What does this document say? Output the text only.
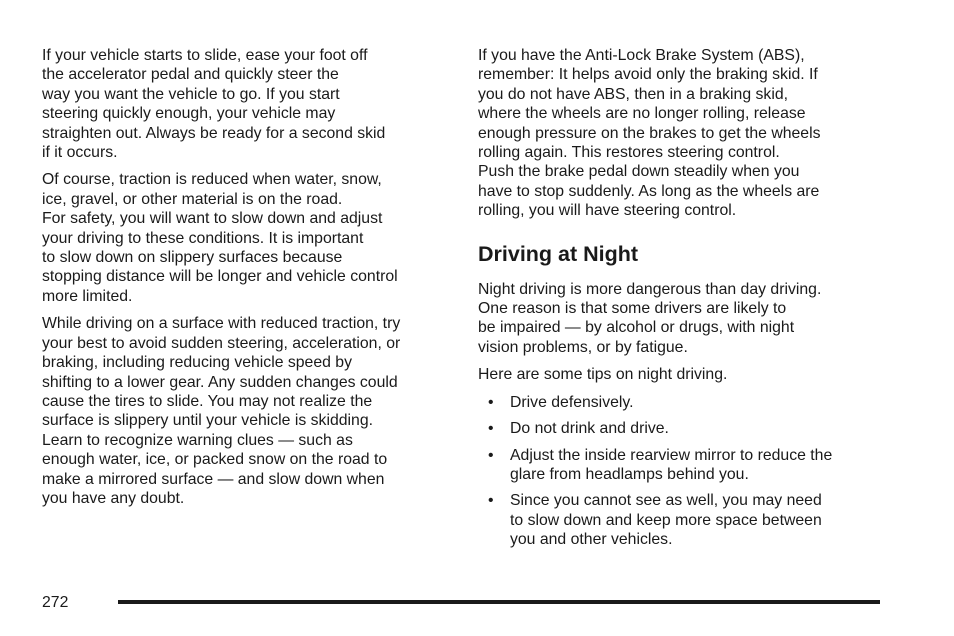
If your vehicle starts to slide, ease your foot off
the accelerator pedal and quickly steer the
way you want the vehicle to go. If you start
steering quickly enough, your vehicle may
straighten out. Always be ready for a second skid
if it occurs.

Of course, traction is reduced when water, snow,
ice, gravel, or other material is on the road.
For safety, you will want to slow down and adjust
your driving to these conditions. It is important
to slow down on slippery surfaces because
stopping distance will be longer and vehicle control
more limited.

While driving on a surface with reduced traction, try
your best to avoid sudden steering, acceleration, or
braking, including reducing vehicle speed by
shifting to a lower gear. Any sudden changes could
cause the tires to slide. You may not realize the
surface is slippery until your vehicle is skidding.
Learn to recognize warning clues — such as
enough water, ice, or packed snow on the road to
make a mirrored surface — and slow down when
you have any doubt.

If you have the Anti-Lock Brake System (ABS),
remember: It helps avoid only the braking skid. If
you do not have ABS, then in a braking skid,
where the wheels are no longer rolling, release
enough pressure on the brakes to get the wheels
rolling again. This restores steering control.
Push the brake pedal down steadily when you
have to stop suddenly. As long as the wheels are
rolling, you will have steering control.

Driving at Night

Night driving is more dangerous than day driving.
One reason is that some drivers are likely to
be impaired — by alcohol or drugs, with night
vision problems, or by fatigue.

Here are some tips on night driving.

• Drive defensively.
• Do not drink and drive.
• Adjust the inside rearview mirror to reduce the
glare from headlamps behind you.
• Since you cannot see as well, you may need
to slow down and keep more space between
you and other vehicles.
272
